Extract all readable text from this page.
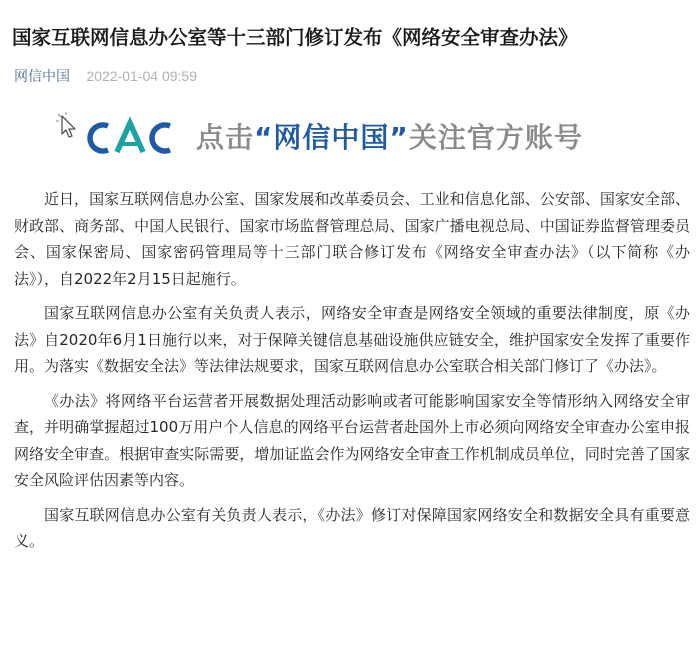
国家互联网信息办公室等十三部门修订发布《网络安全审查办法》
网信中国 2022-01-04 09:59
点击“网信中国”关注官方账号

近日，国家互联网信息办公室、国家发展和改革委员会、工业和信息化部、公安部、国家安全部、财政部、商务部、中国人民银行、国家市场监督管理总局、国家广播电视总局、中国证券监督管理委员会、国家保密局、国家密码管理局等十三部门联合修订发布《网络安全审查办法》（以下简称《办法》），自2022年2月15日起施行。

国家互联网信息办公室有关负责人表示，网络安全审查是网络安全领域的重要法律制度，原《办法》自2020年6月1日施行以来，对于保障关键信息基础设施供应链安全，维护国家安全发挥了重要作用。为落实《数据安全法》等法律法规要求，国家互联网信息办公室联合相关部门修订了《办法》。

《办法》将网络平台运营者开展数据处理活动影响或者可能影响国家安全等情形纳入网络安全审查，并明确掌握超过100万用户个人信息的网络平台运营者赴国外上市必须向网络安全审查办公室申报网络安全审查。根据审查实际需要，增加证监会作为网络安全审查工作机制成员单位，同时完善了国家安全风险评估因素等内容。

国家互联网信息办公室有关负责人表示，《办法》修订对保障国家网络安全和数据安全具有重要意义。
